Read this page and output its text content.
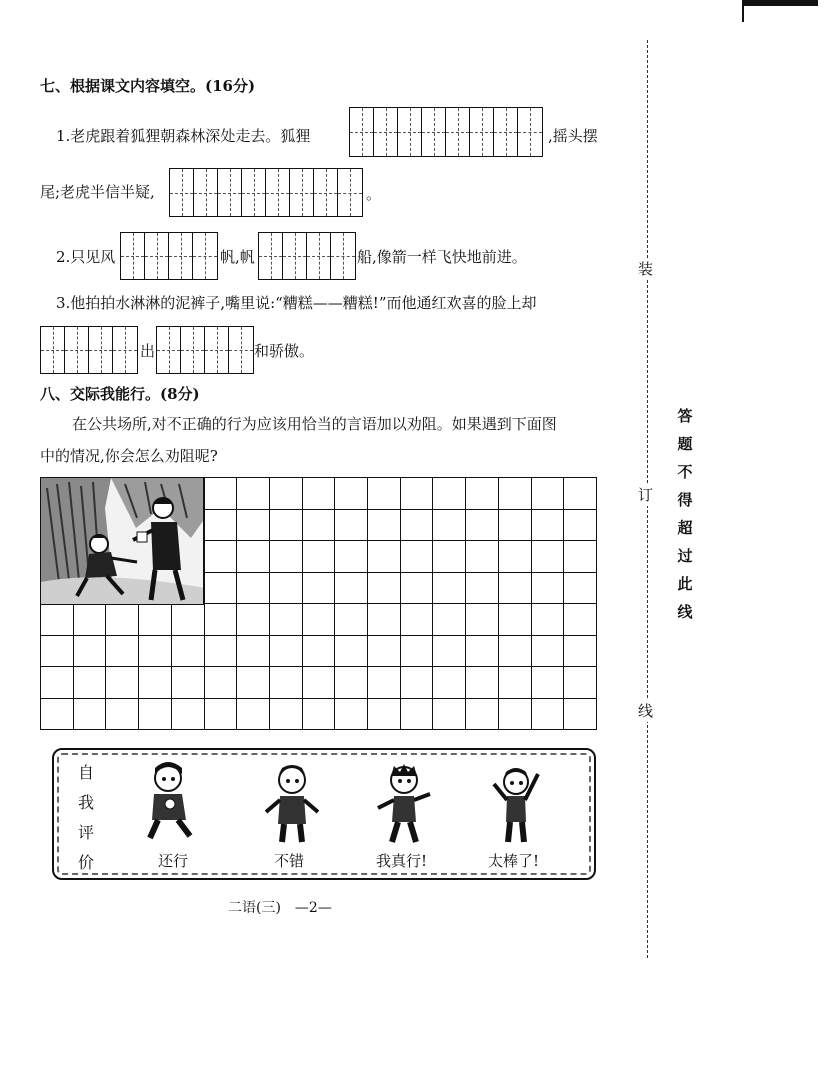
七、根据课文内容填空。(16分)
1.老虎跟着狐狸朝森林深处走去。狐狸	,摇头摆
尾;老虎半信半疑,	。
2.只见风	帆,帆	船,像箭一样飞快地前进。
3.他拍拍水淋淋的泥裤子,嘴里说:“糟糕——糟糕!”而他通红欢喜的脸上却
出	和骄傲。
八、交际我能行。(8分)
在公共场所,对不正确的行为应该用恰当的言语加以劝阻。如果遇到下面图
中的情况,你会怎么劝阻呢?
自
我
评
价	还行	不错	我真行!	太棒了!
二语(三)　—2—
装
订
线
答
题
不
得
超
过
此
线
